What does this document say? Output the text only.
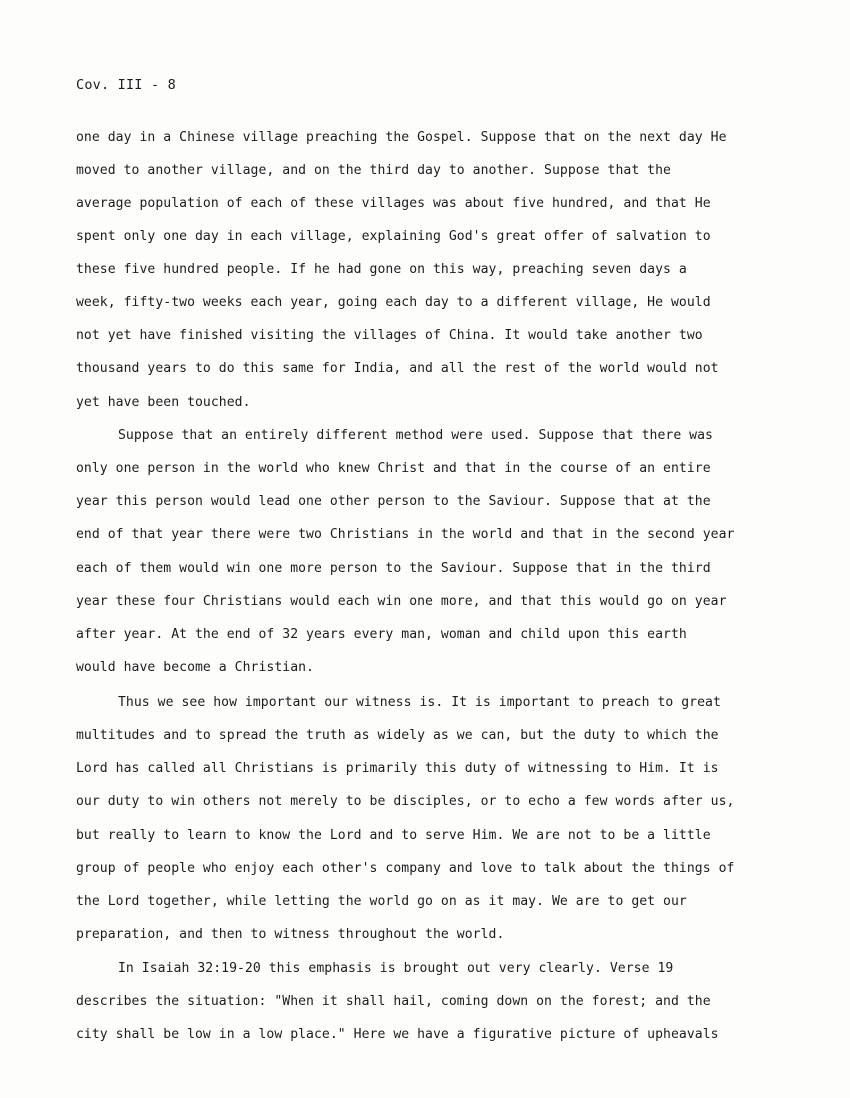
Cov. III - 8
one day in a Chinese village preaching the Gospel. Suppose that on the next day He
moved to another village, and on the third day to another. Suppose that the
average population of each of these villages was about five hundred, and that He
spent only one day in each village, explaining God's great offer of salvation to
these five hundred people. If he had gone on this way, preaching seven days a
week, fifty-two weeks each year, going each day to a different village, He would
not yet have finished visiting the villages of China. It would take another two
thousand years to do this same for India, and all the rest of the world would not
yet have been touched.
Suppose that an entirely different method were used. Suppose that there was
only one person in the world who knew Christ and that in the course of an entire
year this person would lead one other person to the Saviour. Suppose that at the
end of that year there were two Christians in the world and that in the second year
each of them would win one more person to the Saviour. Suppose that in the third
year these four Christians would each win one more, and that this would go on year
after year. At the end of 32 years every man, woman and child upon this earth
would have become a Christian.
Thus we see how important our witness is. It is important to preach to great
multitudes and to spread the truth as widely as we can, but the duty to which the
Lord has called all Christians is primarily this duty of witnessing to Him. It is
our duty to win others not merely to be disciples, or to echo a few words after us,
but really to learn to know the Lord and to serve Him. We are not to be a little
group of people who enjoy each other's company and love to talk about the things of
the Lord together, while letting the world go on as it may. We are to get our
preparation, and then to witness throughout the world.
In Isaiah 32:19-20 this emphasis is brought out very clearly. Verse 19
describes the situation: "When it shall hail, coming down on the forest; and the
city shall be low in a low place." Here we have a figurative picture of upheavals
